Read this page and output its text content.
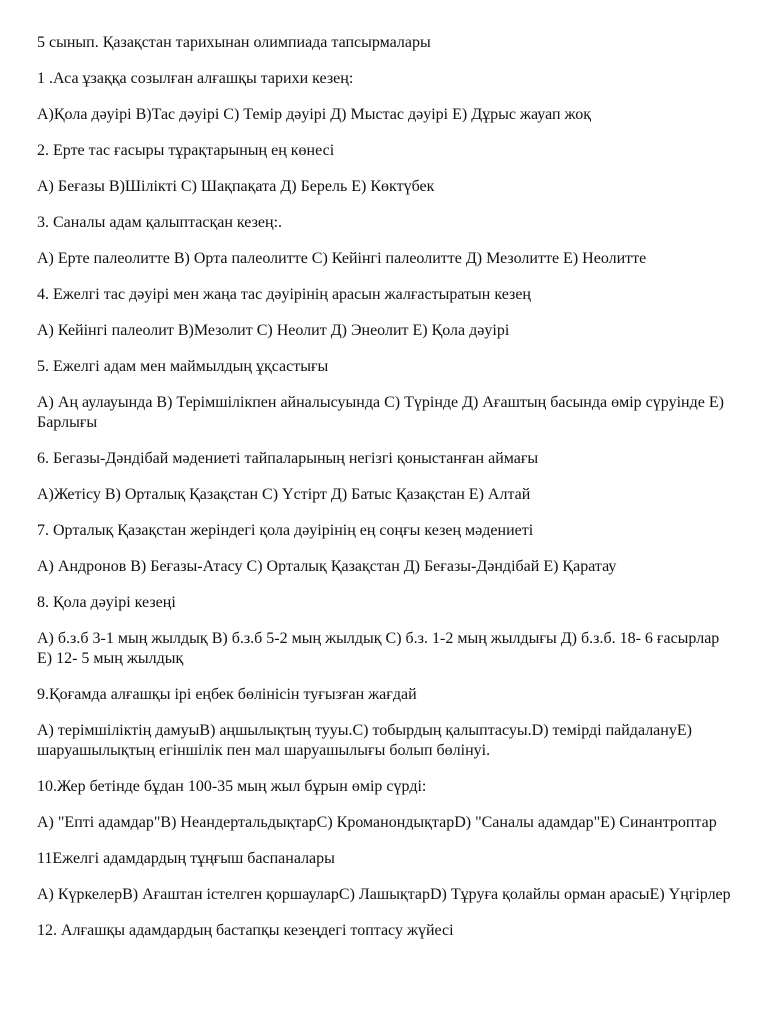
5 сынып. Қазақстан тарихынан олимпиада тапсырмалары

1 .Аса ұзаққа созылған алғашқы тарихи кезең:

А)Қола дәуірі В)Тас дәуірі С) Темір дәуірі Д) Мыстас дәуірі Е) Дұрыс жауап жоқ

2. Ерте тас ғасыры тұрақтарының ең көнесі

А) Беғазы В)Шілікті С) Шақпақата Д) Берель Е) Көктүбек

3. Саналы адам қалыптасқан кезең:.

А) Ерте палеолитте В) Орта палеолитте С) Кейінгі палеолитте Д) Мезолитте Е) Неолитте

4. Ежелгі тас дәуірі мен жаңа тас дәуірінің арасын жалғастыратын кезең

А) Кейінгі палеолит В)Мезолит С) Неолит Д) Энеолит Е) Қола дәуірі

5. Ежелгі адам мен маймылдың ұқсастығы

А) Аң аулауында В) Терімшілікпен айналысуында С) Түрінде Д) Ағаштың басында өмір сүруінде Е) Барлығы

6. Бегазы-Дәндібай мәдениеті тайпаларының негізгі қоныстанған аймағы

А)Жетісу В) Орталық Қазақстан С) Үстірт Д) Батыс Қазақстан Е) Алтай

7. Орталық Қазақстан жеріндегі қола дәуірінің ең соңғы кезең мәдениеті

А) Андронов В) Беғазы-Атасу С) Орталық Қазақстан Д) Беғазы-Дәндібай Е) Қаратау

8. Қола дәуірі кезеңі

А) б.з.б 3-1 мың жылдық В) б.з.б 5-2 мың жылдық С) б.з. 1-2 мың жылдығы Д) б.з.б. 18- 6 ғасырлар Е) 12- 5 мың жылдық

9.Қоғамда алғашқы ірі еңбек бөлінісін туғызған жағдай

А) терімшіліктің дамуыВ) аңшылықтың тууы.С) тобырдың қалыптасуы.D) темірді пайдалануЕ) шаруашылықтың егіншілік пен мал шаруашылығы болып бөлінуі.

10.Жер бетінде бұдан 100-35 мың жыл бұрын өмір сүрді:

А) "Епті адамдар"В) НеандертальдықтарС) КроманондықтарD) "Саналы адамдар"Е) Синантроптар

11Ежелгі адамдардың тұңғыш баспаналары

А) КүркелерВ) Ағаштан істелген қоршауларС) ЛашықтарD) Тұруға қолайлы орман арасыЕ) Үңгірлер

12. Алғашқы адамдардың бастапқы кезеңдегі топтасу жүйесі
